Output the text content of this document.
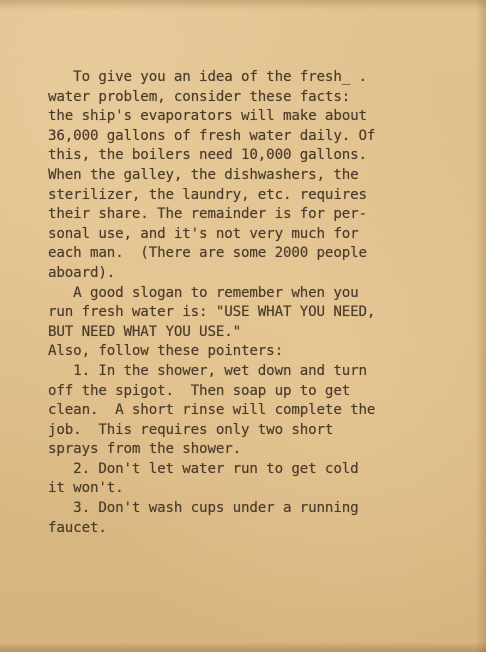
To give you an idea of the fresh_ .
water problem, consider these facts:
the ship's evaporators will make about
36,000 gallons of fresh water daily. Of
this, the boilers need 10,000 gallons.
When the galley, the dishwashers, the
sterilizer, the laundry, etc. requires
their share. The remainder is for per-
sonal use, and it's not very much for
each man.  (There are some 2000 people
aboard).
A good slogan to remember when you
run fresh water is: "USE WHAT YOU NEED,
BUT NEED WHAT YOU USE."
Also, follow these pointers:
1. In the shower, wet down and turn
off the spigot.  Then soap up to get
clean.  A short rinse will complete the
job.  This requires only two short
sprays from the shower.
2. Don't let water run to get cold
it won't.
3. Don't wash cups under a running
faucet.
